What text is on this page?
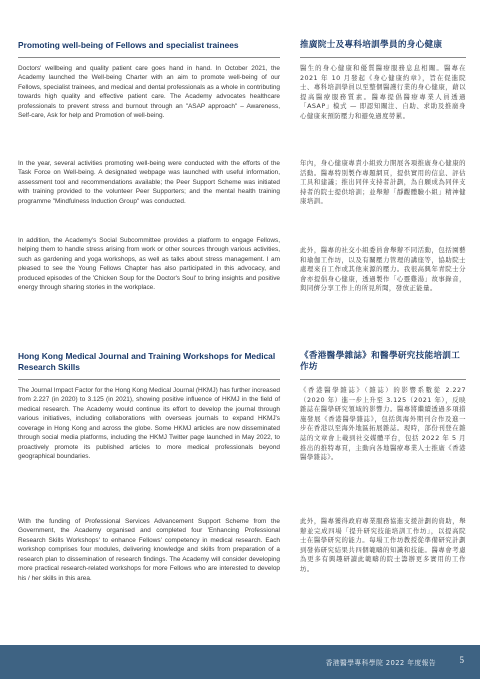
Promoting well-being of Fellows and specialist trainees
Doctors' wellbeing and quality patient care goes hand in hand. In October 2021, the Academy launched the Well-being Charter with an aim to promote well-being of our Fellows, specialist trainees, and medical and dental professionals as a whole in contributing towards high quality and effective patient care. The Academy advocates healthcare professionals to prevent stress and burnout through an "ASAP approach" – Awareness, Self-care, Ask for help and Promotion of well-being.
In the year, several activities promoting well-being were conducted with the efforts of the Task Force on Well-being. A designated webpage was launched with useful information, assessment tool and recommendations available; the Peer Support Scheme was initiated with training provided to the volunteer Peer Supporters; and the mental health training programme "Mindfulness Induction Group" was conducted.
In addition, the Academy's Social Subcommittee provides a platform to engage Fellows, helping them to handle stress arising from work or other sources through various activities, such as gardening and yoga workshops, as well as talks about stress management. I am pleased to see the Young Fellows Chapter has also participated in this advocacy, and produced episodes of the 'Chicken Soup for the Doctor's Soul' to bring insights and positive energy through sharing stories in the workplace.
Hong Kong Medical Journal and Training Workshops for Medical Research Skills
The Journal Impact Factor for the Hong Kong Medical Journal (HKMJ) has further increased from 2.227 (in 2020) to 3.125 (in 2021), showing positive influence of HKMJ in the field of medical research. The Academy would continue its effort to develop the journal through various initiatives, including collaborations with overseas journals to expand HKMJ's coverage in Hong Kong and across the globe. Some HKMJ articles are now disseminated through social media platforms, including the HKMJ Twitter page launched in May 2022, to proactively promote its published articles to more medical professionals beyond geographical boundaries.
With the funding of Professional Services Advancement Support Scheme from the Government, the Academy organised and completed four 'Enhancing Professional Research Skills Workshops' to enhance Fellows' competency in medical research. Each workshop comprises four modules, delivering knowledge and skills from preparation of a research plan to dissemination of research findings. The Academy will consider developing more practical research-related workshops for more Fellows who are interested to develop his / her skills in this area.
推廣院士及專科培訓學員的身心健康
醫生的身心健康和優質醫療服務息息相關。醫專在 2021 年 10 月發起《身心健康約章》，旨在促進院士、專科培訓學員以至整個醫護行業的身心健康，藉以提高醫療服務質素。醫專提倡醫療專業人員透過「ASAP」模式 — 即認知關注、自助、求助及推廣身心健康來預防壓力和避免過度勞累。
年內，身心健康專責小組致力開展各項推廣身心健康的活動。醫專特別製作專題網頁，提供實用的信息、評估工具和建議；推出同伴支持者計劃，為自願成為同伴支持者的院士提供培訓；並舉辦「靜觀體驗小組」精神健康培訓。
此外，醫專的社交小組委員會舉辦不同活動，包括園藝和瑜伽工作坊，以及有關壓力管理的講座等，協助院士處理來自工作或其他來源的壓力。我很高興年青院士分會亦提倡身心健康，透過製作「心靈雞湯」故事錄音，與同儕分享工作上的所見所聞，發放正能量。
《香港醫學雜誌》和醫學研究技能培訓工作坊
《香港醫學雜誌》（雜誌）的影響系數從 2.227（2020 年）進一步上升至 3.125（2021 年），反映雜誌在醫學研究領域的影響力。醫專將繼續透過多項措施發展《香港醫學雜誌》，包括與海外期刊合作及進一步在香港以至海外地區拓展雜誌。現時，部份刊登在雜誌的文章會上載到社交媒體平台，包括 2022 年 5 月推出的推特專頁，主動向各地醫療專業人士推廣《香港醫學雜誌》。
此外，醫專獲得政府專業服務協進支援計劃的資助，舉辦並完成四場「提升研究技能培訓工作坊」，以提高院士在醫學研究的能力。每場工作坊教授從準備研究計劃到發佈研究結果共四個範疇的知識和技能。醫專會考慮為更多有興趣研讀此範疇的院士籌辦更多實用的工作坊。
香港醫學專科學院 2022 年度報告	5
